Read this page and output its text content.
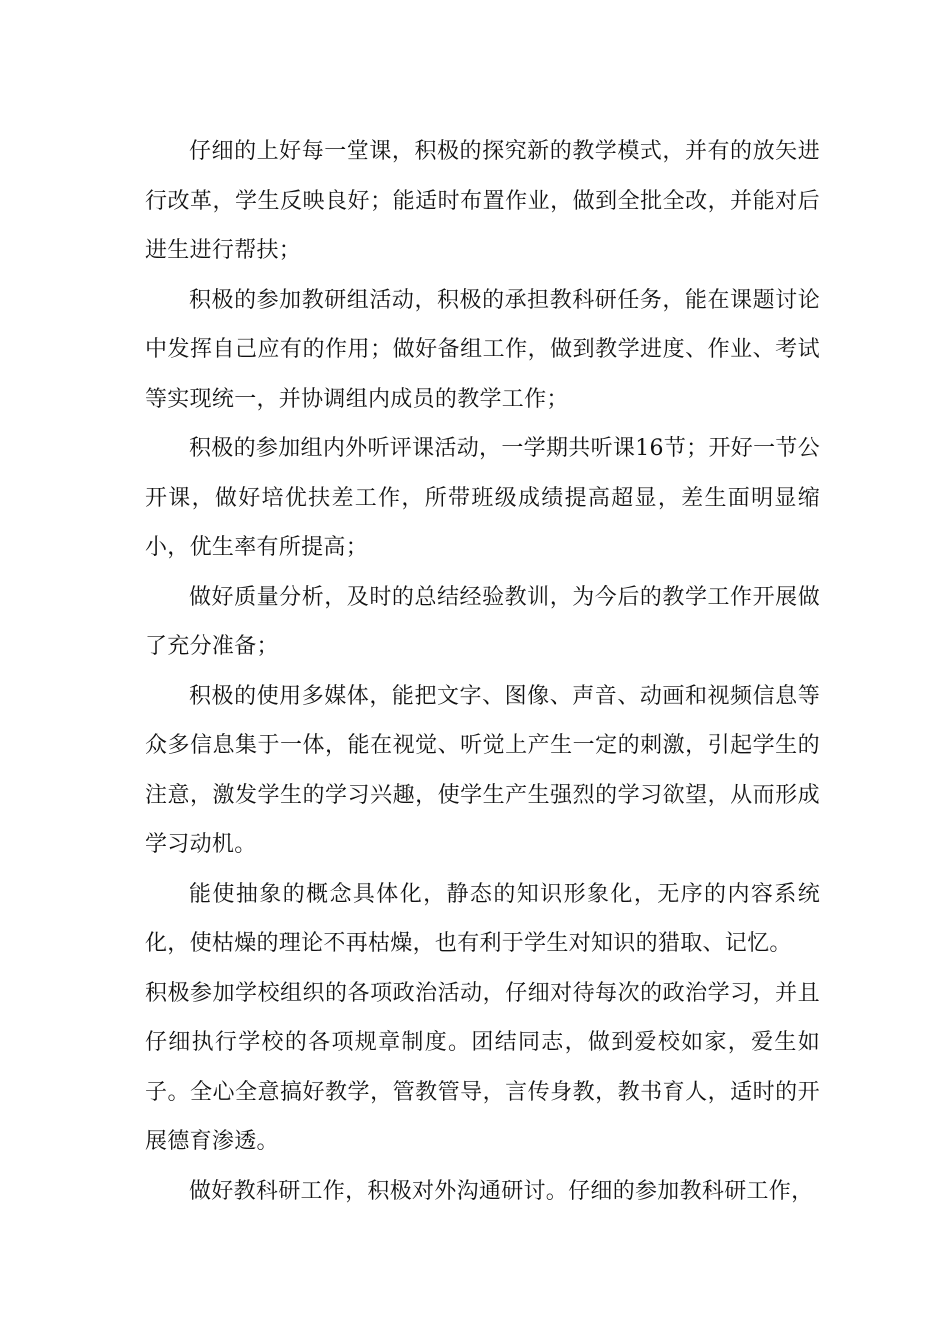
仔细的上好每一堂课，积极的探究新的教学模式，并有的放矢进行改革，学生反映良好；能适时布置作业，做到全批全改，并能对后进生进行帮扶；

积极的参加教研组活动，积极的承担教科研任务，能在课题讨论中发挥自己应有的作用；做好备组工作，做到教学进度、作业、考试等实现统一，并协调组内成员的教学工作；

积极的参加组内外听评课活动，一学期共听课16节；开好一节公开课，做好培优扶差工作，所带班级成绩提高超显，差生面明显缩小，优生率有所提高；

做好质量分析，及时的总结经验教训，为今后的教学工作开展做了充分准备；

积极的使用多媒体，能把文字、图像、声音、动画和视频信息等众多信息集于一体，能在视觉、听觉上产生一定的刺激，引起学生的注意，激发学生的学习兴趣，使学生产生强烈的学习欲望，从而形成学习动机。

能使抽象的概念具体化，静态的知识形象化，无序的内容系统化，使枯燥的理论不再枯燥，也有利于学生对知识的猎取、记忆。

积极参加学校组织的各项政治活动，仔细对待每次的政治学习，并且仔细执行学校的各项规章制度。团结同志，做到爱校如家，爱生如子。全心全意搞好教学，管教管导，言传身教，教书育人，适时的开展德育渗透。

做好教科研工作，积极对外沟通研讨。仔细的参加教科研工作，
